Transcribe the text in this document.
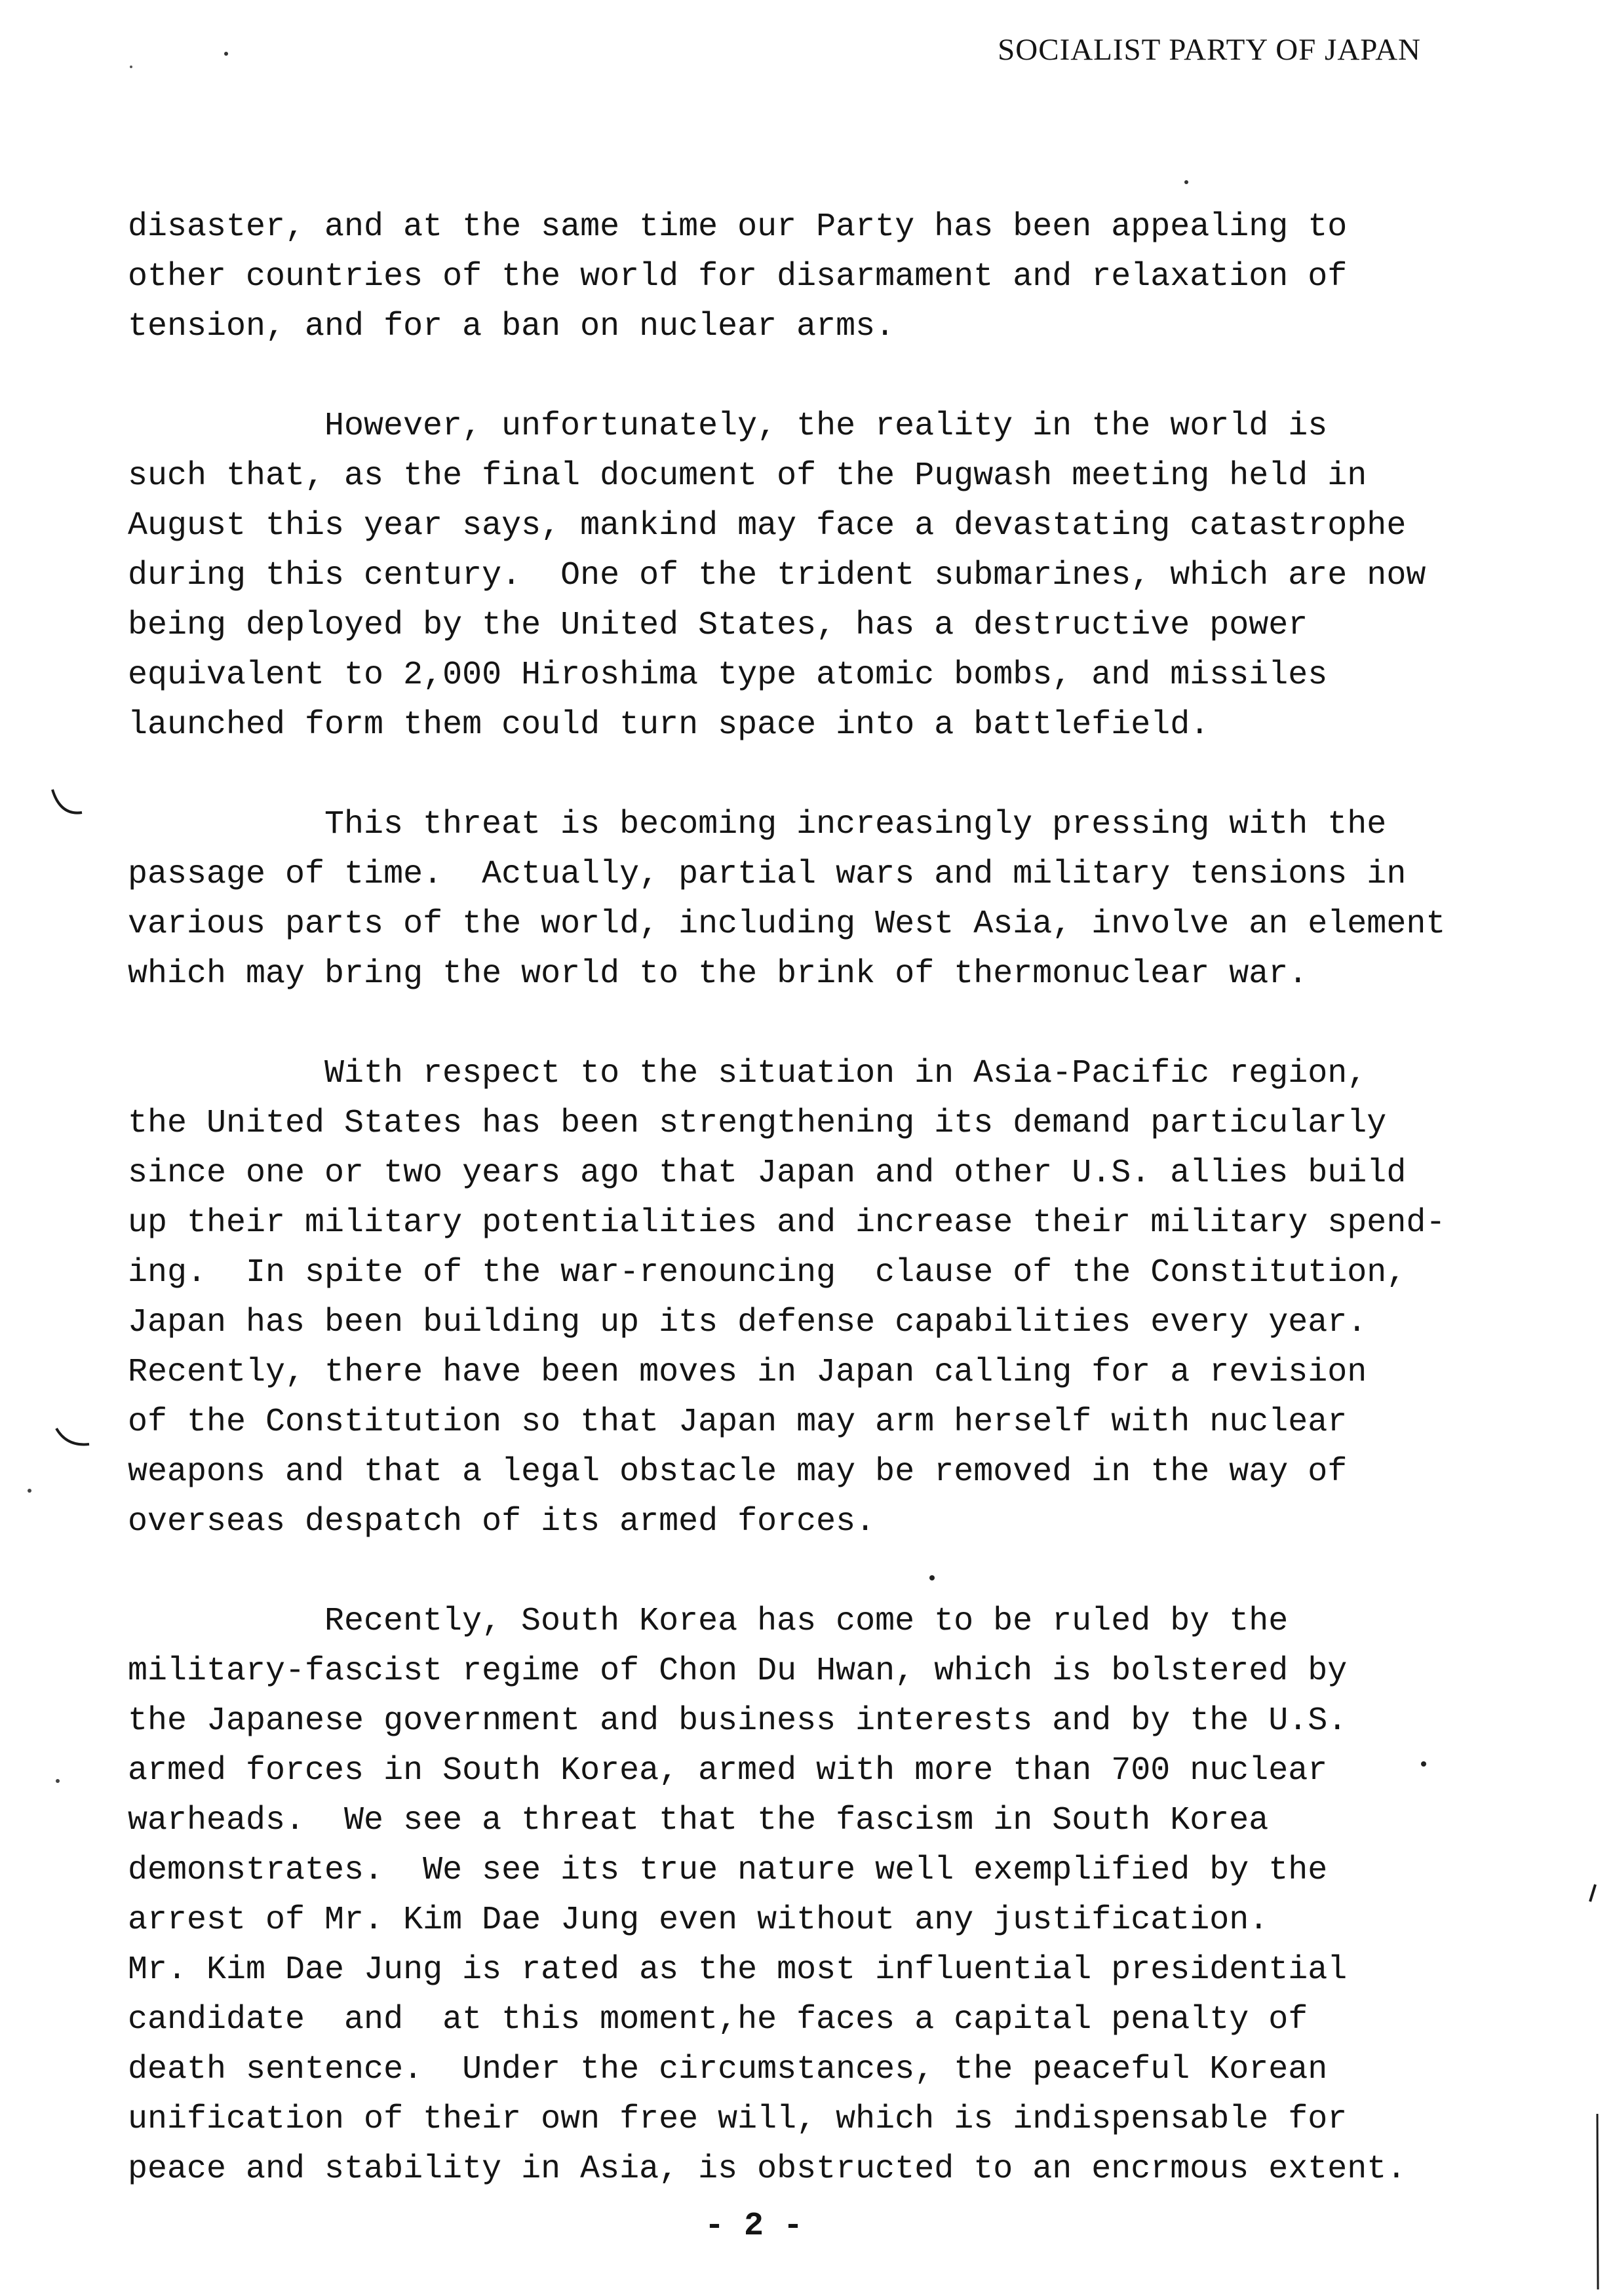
SOCIALIST PARTY OF JAPAN
disaster, and at the same time our Party has been appealing to
other countries of the world for disarmament and relaxation of
tension, and for a ban on nuclear arms.
However, unfortunately, the reality in the world is
such that, as the final document of the Pugwash meeting held in
August this year says, mankind may face a devastating catastrophe
during this century.  One of the trident submarines, which are now
being deployed by the United States, has a destructive power
equivalent to 2,000 Hiroshima type atomic bombs, and missiles
launched form them could turn space into a battlefield.
This threat is becoming increasingly pressing with the
passage of time.  Actually, partial wars and military tensions in
various parts of the world, including West Asia, involve an element
which may bring the world to the brink of thermonuclear war.
With respect to the situation in Asia-Pacific region,
the United States has been strengthening its demand particularly
since one or two years ago that Japan and other U.S. allies build
up their military potentialities and increase their military spend-
ing.  In spite of the war-renouncing  clause of the Constitution,
Japan has been building up its defense capabilities every year.
Recently, there have been moves in Japan calling for a revision
of the Constitution so that Japan may arm herself with nuclear
weapons and that a legal obstacle may be removed in the way of
overseas despatch of its armed forces.
Recently, South Korea has come to be ruled by the
military-fascist regime of Chon Du Hwan, which is bolstered by
the Japanese government and business interests and by the U.S.
armed forces in South Korea, armed with more than 700 nuclear
warheads.  We see a threat that the fascism in South Korea
demonstrates.  We see its true nature well exemplified by the
arrest of Mr. Kim Dae Jung even without any justification.
Mr. Kim Dae Jung is rated as the most influential presidential
candidate  and  at this moment,he faces a capital penalty of
death sentence.  Under the circumstances, the peaceful Korean
unification of their own free will, which is indispensable for
peace and stability in Asia, is obstructed to an encrmous extent.
- 2 -
